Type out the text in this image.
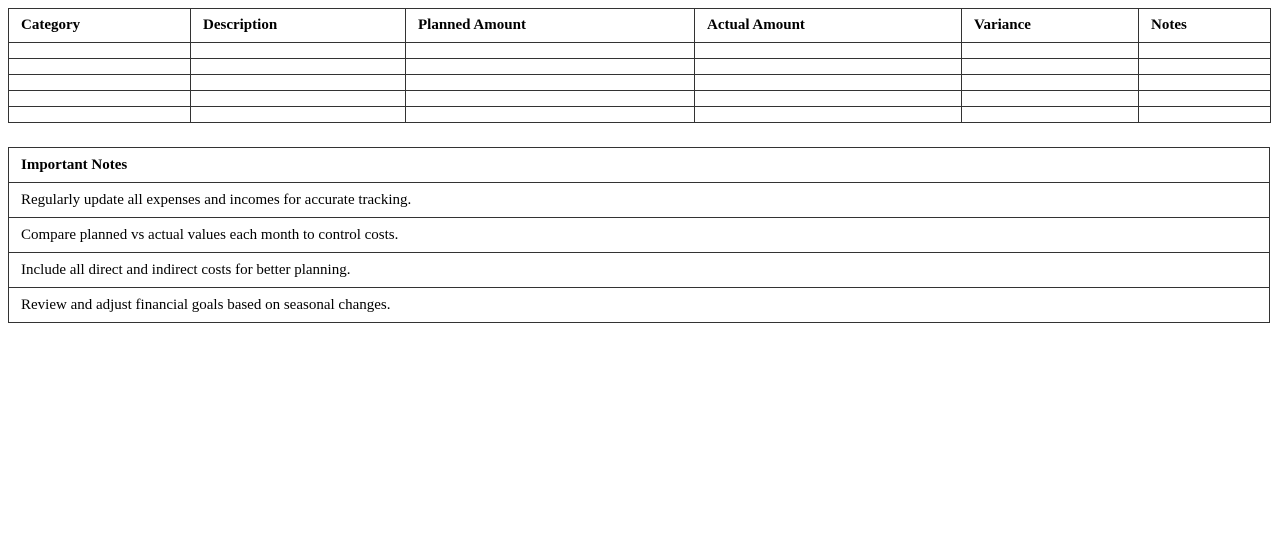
Category	Description	Planned Amount	Actual Amount	Variance	Notes

Important Notes
Regularly update all expenses and incomes for accurate tracking.
Compare planned vs actual values each month to control costs.
Include all direct and indirect costs for better planning.
Review and adjust financial goals based on seasonal changes.
